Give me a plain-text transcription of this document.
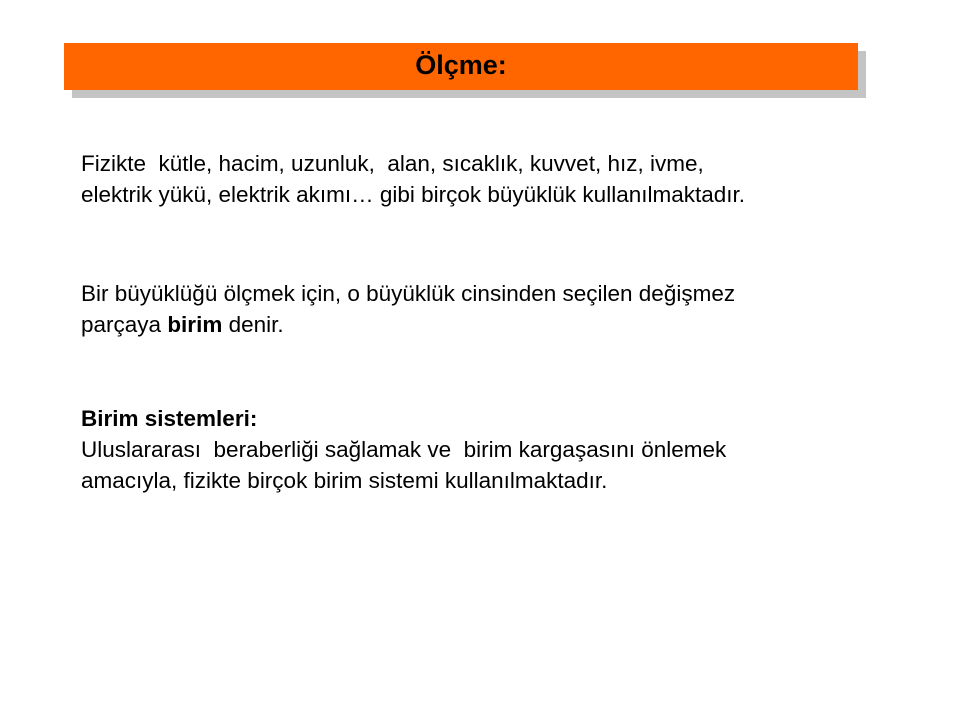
Ölçme:

Fizikte  kütle, hacim, uzunluk,  alan, sıcaklık, kuvvet, hız, ivme,
elektrik yükü, elektrik akımı… gibi birçok büyüklük kullanılmaktadır.

Bir büyüklüğü ölçmek için, o büyüklük cinsinden seçilen değişmez
parçaya birim denir.

Birim sistemleri:
Uluslararası  beraberliği sağlamak ve  birim kargaşasını önlemek
amacıyla, fizikte birçok birim sistemi kullanılmaktadır.
